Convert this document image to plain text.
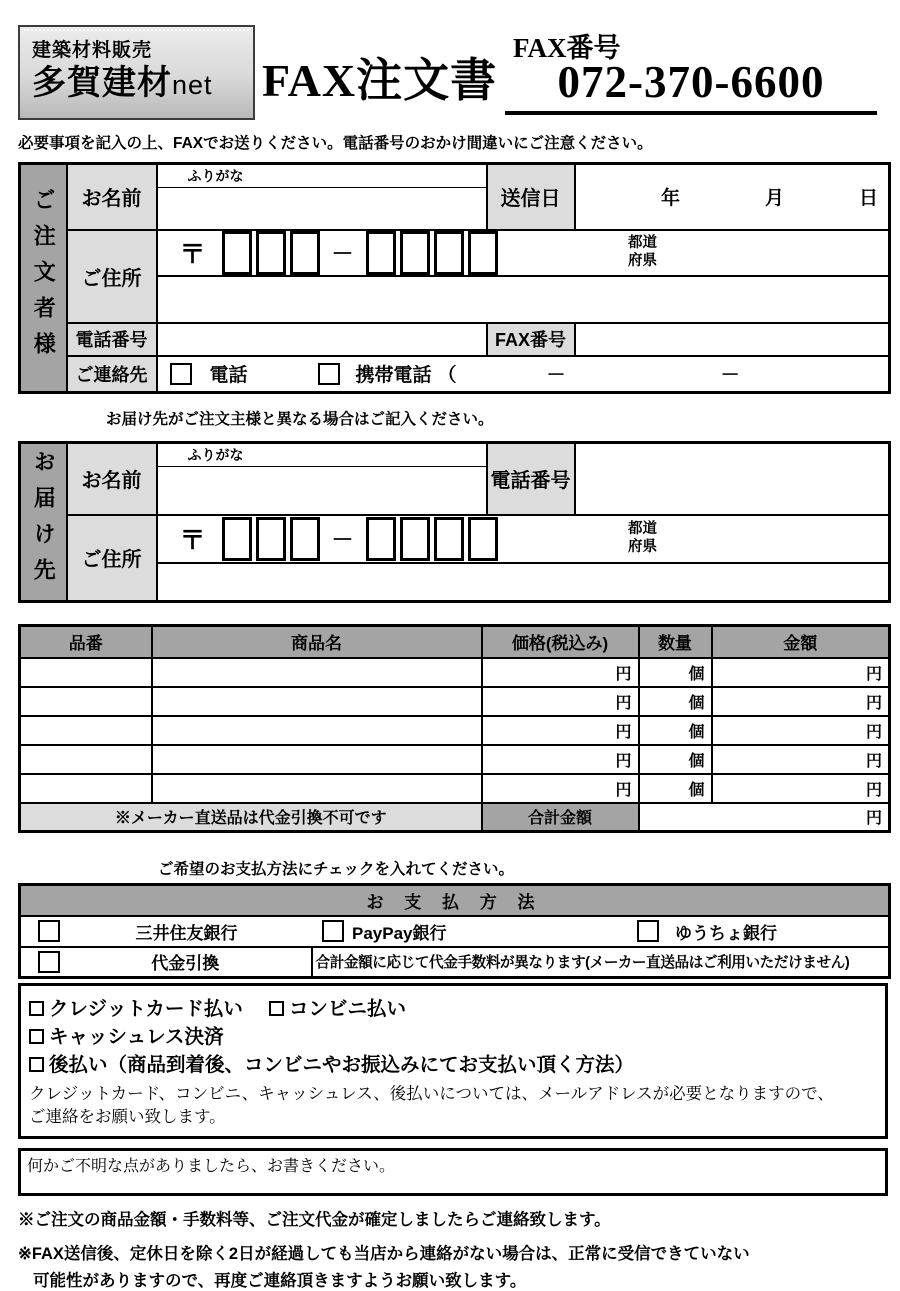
建築材料販売
多賀建材net	FAX注文書
FAX番号
072-370-6600
必要事項を記入の上、FAXでお送りください。電話番号のおかけ間違いにご注意ください。
ご注文者様	お名前	ふりがな	送信日	年 月 日

	ご住所	〒 － 都道
府県		

	電話番号		FAX番号	
	ご連絡先	電話 携帯電話 （ － －		
お届け先がご注文主様と異なる場合はご記入ください。
お届け先	お名前	ふりがな	電話番号	

	ご住所	〒 － 都道
府県		

品番	商品名	価格(税込み)	数量	金額
		円	個	円
		円	個	円
		円	個	円
		円	個	円
		円	個	円
※メーカー直送品は代金引換不可です		合計金額	円	
ご希望のお支払方法にチェックを入れてください。
お 支 払 方 法

三井住友銀行	PayPay銀行	ゆうちょ銀行

代金引換	合計金額に応じて代金手数料が異なります(メーカー直送品はご利用いただけません)
クレジットカード払い コンビニ払い
キャッシュレス決済
後払い（商品到着後、コンビニやお振込みにてお支払い頂く方法）
クレジットカード、コンビニ、キャッシュレス、後払いについては、メールアドレスが必要となりますので、
ご連絡をお願い致します。
何かご不明な点がありましたら、お書きください。
※ご注文の商品金額・手数料等、ご注文代金が確定しましたらご連絡致します。
※FAX送信後、定休日を除く2日が経過しても当店から連絡がない場合は、正常に受信できていない
可能性がありますので、再度ご連絡頂きますようお願い致します。
